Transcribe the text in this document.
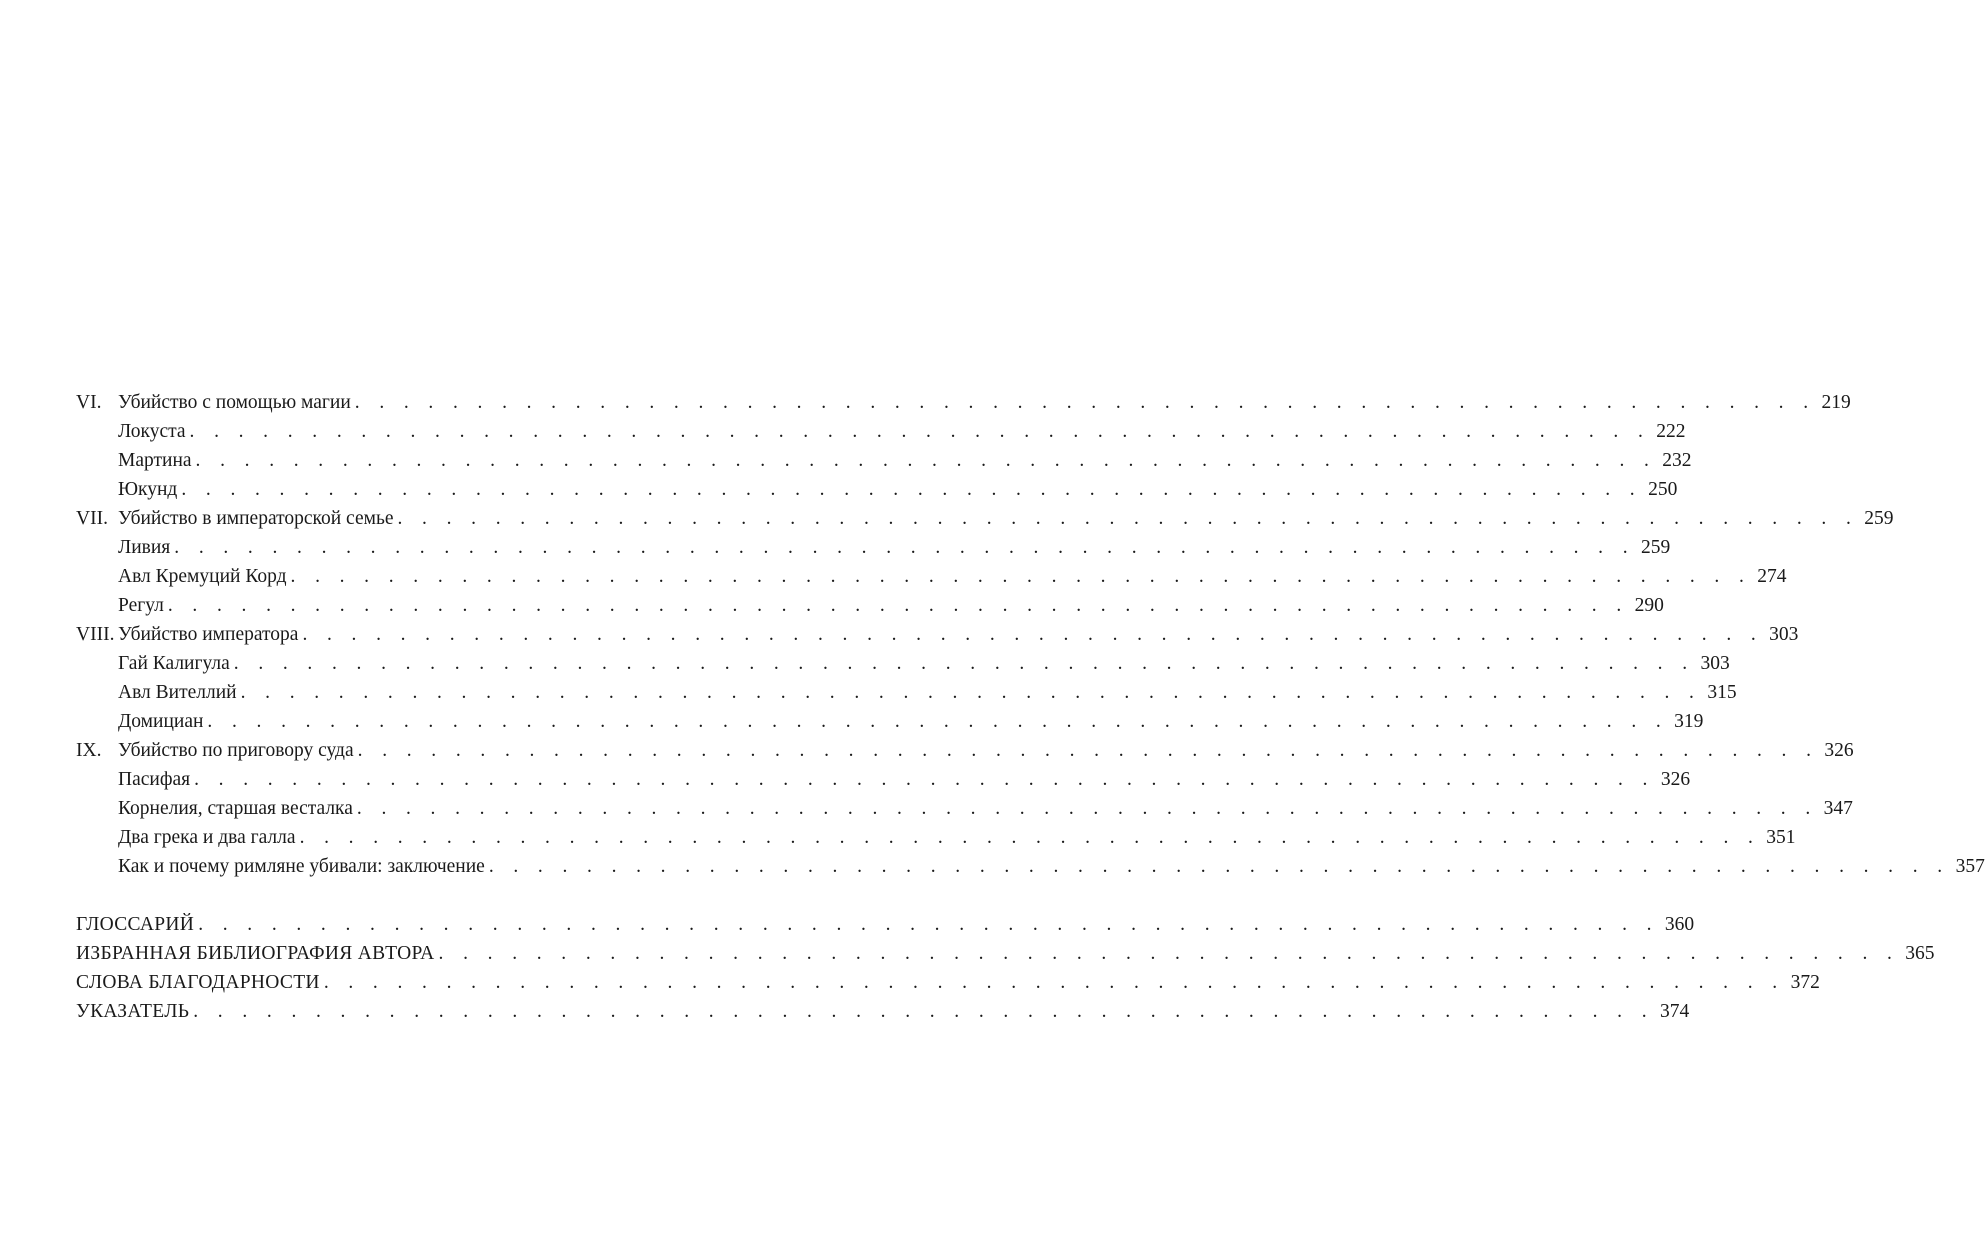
VI. Убийство с помощью магии . . . . . . . . . . . . . . . . . . . . . . . . . . . . . . . . . . . . . . . . . . . . . . . . . . . . . . . . . . . . 219
Локуста . . . . . . . . . . . . . . . . . . . . . . . . . . . . . . . . . . . . . . . . . . . . . . . . . . . . . . . . . . . . 222
Мартина . . . . . . . . . . . . . . . . . . . . . . . . . . . . . . . . . . . . . . . . . . . . . . . . . . . . . . . . . . . . 232
Юкунд . . . . . . . . . . . . . . . . . . . . . . . . . . . . . . . . . . . . . . . . . . . . . . . . . . . . . . . . . . . . 250
VII. Убийство в императорской семье . . . . . . . . . . . . . . . . . . . . . . . . . . . . . . . . . . . . . . . . . . . . . . . . . . . . . . . . . . . . 259
Ливия . . . . . . . . . . . . . . . . . . . . . . . . . . . . . . . . . . . . . . . . . . . . . . . . . . . . . . . . . . . . 259
Авл Кремуций Корд . . . . . . . . . . . . . . . . . . . . . . . . . . . . . . . . . . . . . . . . . . . . . . . . . . . . . . . . . . . . 274
Регул . . . . . . . . . . . . . . . . . . . . . . . . . . . . . . . . . . . . . . . . . . . . . . . . . . . . . . . . . . . . 290
VIII. Убийство императора . . . . . . . . . . . . . . . . . . . . . . . . . . . . . . . . . . . . . . . . . . . . . . . . . . . . . . . . . . . . 303
Гай Калигула . . . . . . . . . . . . . . . . . . . . . . . . . . . . . . . . . . . . . . . . . . . . . . . . . . . . . . . . . . . . 303
Авл Вителлий . . . . . . . . . . . . . . . . . . . . . . . . . . . . . . . . . . . . . . . . . . . . . . . . . . . . . . . . . . . . 315
Домициан . . . . . . . . . . . . . . . . . . . . . . . . . . . . . . . . . . . . . . . . . . . . . . . . . . . . . . . . . . . . 319
IX. Убийство по приговору суда . . . . . . . . . . . . . . . . . . . . . . . . . . . . . . . . . . . . . . . . . . . . . . . . . . . . . . . . . . . . 326
Пасифая . . . . . . . . . . . . . . . . . . . . . . . . . . . . . . . . . . . . . . . . . . . . . . . . . . . . . . . . . . . . 326
Корнелия, старшая весталка . . . . . . . . . . . . . . . . . . . . . . . . . . . . . . . . . . . . . . . . . . . . . . . . . . . . . . . . . . . . 347
Два грека и два галла . . . . . . . . . . . . . . . . . . . . . . . . . . . . . . . . . . . . . . . . . . . . . . . . . . . . . . . . . . . . 351
Как и почему римляне убивали: заключение . . . . . . . . . . . . . . . . . . . . . . . . . . . . . . . . . . . . . . . . . . . . . . . . . . . . . . . . . . . . 357
ГЛОССАРИЙ . . . . . . . . . . . . . . . . . . . . . . . . . . . . . . . . . . . . . . . . . . . . . . . . . . . . . . . . . . . . 360
ИЗБРАННАЯ БИБЛИОГРАФИЯ АВТОРА . . . . . . . . . . . . . . . . . . . . . . . . . . . . . . . . . . . . . . . . . . . . . . . . . . . . . . . . . . . . 365
СЛОВА БЛАГОДАРНОСТИ . . . . . . . . . . . . . . . . . . . . . . . . . . . . . . . . . . . . . . . . . . . . . . . . . . . . . . . . . . . . 372
УКАЗАТЕЛЬ . . . . . . . . . . . . . . . . . . . . . . . . . . . . . . . . . . . . . . . . . . . . . . . . . . . . . . . . . . . . 374
